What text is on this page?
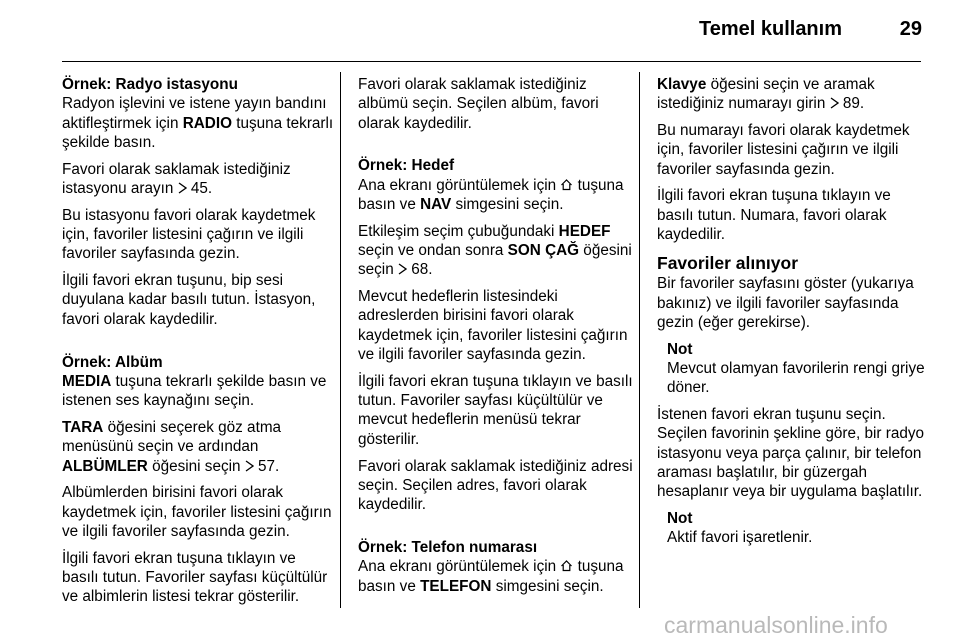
Temel kullanım	29

Örnek: Radyo istasyonu

Radyon işlevini ve istene yayın bandını aktifleştirmek için RADIO tuşuna tekrarlı şekilde basın.

Favori olarak saklamak istediğiniz istasyonu arayın  45.

Bu istasyonu favori olarak kaydetmek için, favoriler listesini çağırın ve ilgili favoriler sayfasında gezin.

İlgili favori ekran tuşunu, bip sesi duyulana kadar basılı tutun. İstasyon, favori olarak kaydedilir.

Örnek: Albüm

MEDIA tuşuna tekrarlı şekilde basın ve istenen ses kaynağını seçin.

TARA öğesini seçerek göz atma menüsünü seçin ve ardından ALBÜMLER öğesini seçin  57.

Albümlerden birisini favori olarak kaydetmek için, favoriler listesini çağırın ve ilgili favoriler sayfasında gezin.

İlgili favori ekran tuşuna tıklayın ve basılı tutun. Favoriler sayfası küçültülür ve albimlerin listesi tekrar gösterilir.

Favori olarak saklamak istediğiniz albümü seçin. Seçilen albüm, favori olarak kaydedilir.

Örnek: Hedef

Ana ekranı görüntülemek için  tuşuna basın ve NAV simgesini seçin.

Etkileşim seçim çubuğundaki HEDEF seçin ve ondan sonra SON ÇAĞ öğesini seçin  68.

Mevcut hedeflerin listesindeki adreslerden birisini favori olarak kaydetmek için, favoriler listesini çağırın ve ilgili favoriler sayfasında gezin.

İlgili favori ekran tuşuna tıklayın ve basılı tutun. Favoriler sayfası küçültülür ve mevcut hedeflerin menüsü tekrar gösterilir.

Favori olarak saklamak istediğiniz adresi seçin. Seçilen adres, favori olarak kaydedilir.

Örnek: Telefon numarası

Ana ekranı görüntülemek için  tuşuna basın ve TELEFON simgesini seçin.

Klavye öğesini seçin ve aramak istediğiniz numarayı girin  89.

Bu numarayı favori olarak kaydetmek için, favoriler listesini çağırın ve ilgili favoriler sayfasında gezin.

İlgili favori ekran tuşuna tıklayın ve basılı tutun. Numara, favori olarak kaydedilir.

Favoriler alınıyor

Bir favoriler sayfasını göster (yukarıya bakınız) ve ilgili favoriler sayfasında gezin (eğer gerekirse).

Not
Mevcut olamyan favorilerin rengi griye döner.

İstenen favori ekran tuşunu seçin. Seçilen favorinin şekline göre, bir radyo istasyonu veya parça çalınır, bir telefon araması başlatılır, bir güzergah hesaplanır veya bir uygulama başlatılır.

Not
Aktif favori işaretlenir.
carmanualsonline.info
